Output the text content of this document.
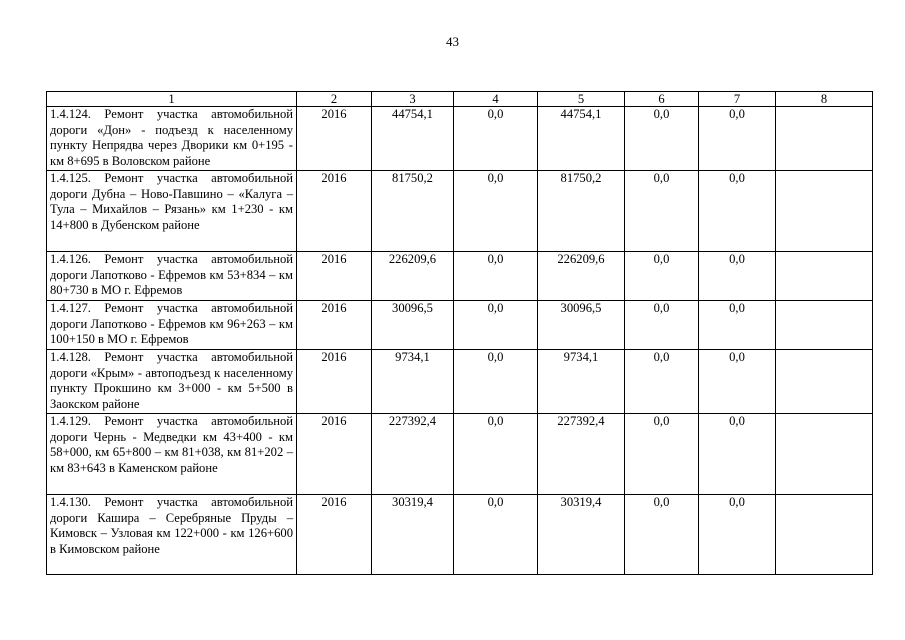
43
1	2	3	4	5	6	7	8
1.4.124. Ремонт участка автомобильной дороги «Дон» - подъезд к населенному пункту Непрядва через Дворики км 0+195 - км 8+695 в Воловском районе	2016	44754,1	0,0	44754,1	0,0	0,0	
1.4.125. Ремонт участка автомобильной дороги Дубна – Ново-Павшино – «Калуга – Тула – Михайлов – Рязань» км 1+230 - км 14+800 в Дубенском районе	2016	81750,2	0,0	81750,2	0,0	0,0	
1.4.126. Ремонт участка автомобильной дороги Лапотково - Ефремов км 53+834 – км 80+730 в МО г. Ефремов	2016	226209,6	0,0	226209,6	0,0	0,0	
1.4.127. Ремонт участка автомобильной дороги Лапотково - Ефремов км 96+263 – км 100+150 в МО г. Ефремов	2016	30096,5	0,0	30096,5	0,0	0,0	
1.4.128. Ремонт участка автомобильной дороги «Крым» - автоподъезд к населенному пункту Прокшино км 3+000 - км 5+500 в Заокском районе	2016	9734,1	0,0	9734,1	0,0	0,0	
1.4.129. Ремонт участка автомобильной дороги Чернь - Медведки км 43+400 - км 58+000, км 65+800 – км 81+038, км 81+202 – км 83+643 в Каменском районе	2016	227392,4	0,0	227392,4	0,0	0,0	
1.4.130. Ремонт участка автомобильной дороги Кашира – Серебряные Пруды – Кимовск – Узловая км 122+000 - км 126+600 в Кимовском районе	2016	30319,4	0,0	30319,4	0,0	0,0	
